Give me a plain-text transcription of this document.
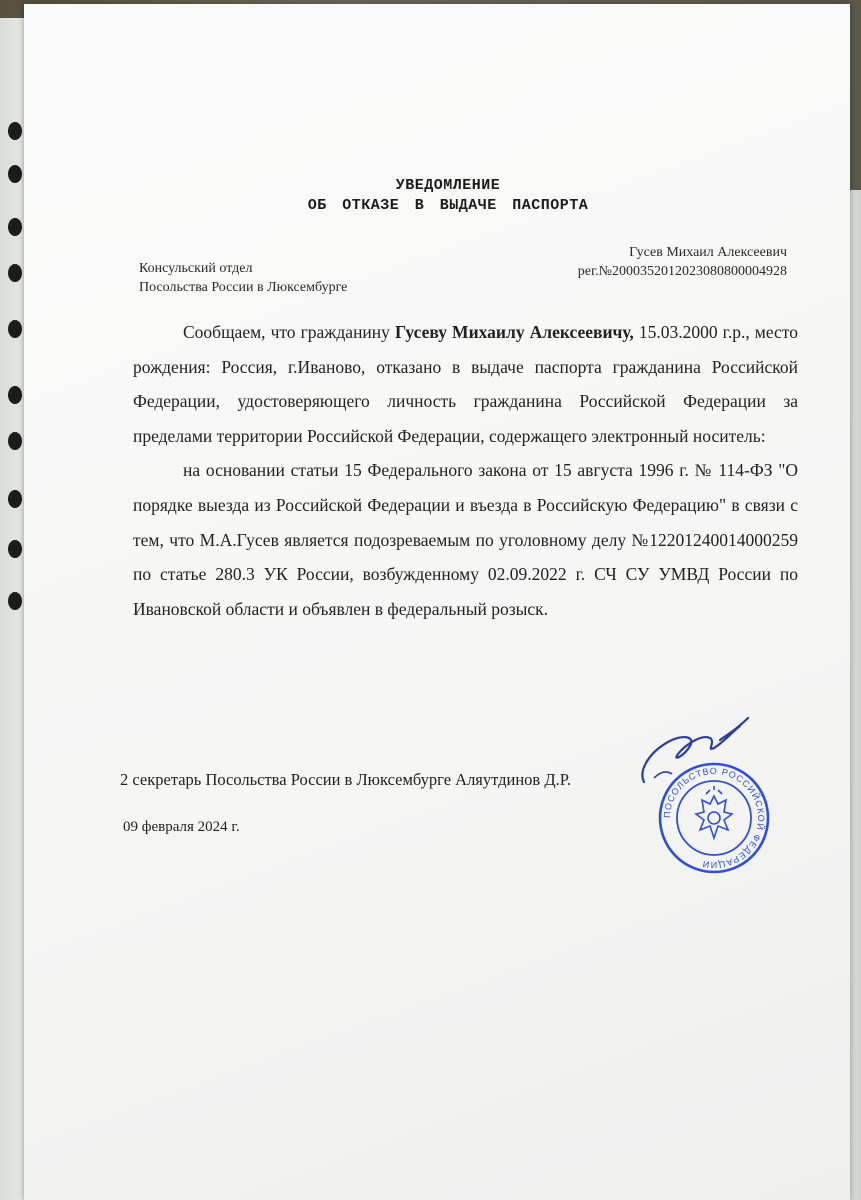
УВЕДОМЛЕНИЕ
ОБ ОТКАЗЕ В ВЫДАЧЕ ПАСПОРТА
Консульский отдел
Посольства России в Люксембурге
Гусев Михаил Алексеевич
рег.№2000352012023080800004928

Сообщаем, что гражданину Гусеву Михаилу Алексеевичу, 15.03.2000 г.р., место рождения: Россия, г.Иваново, отказано в выдаче паспорта гражданина Российской Федерации, удостоверяющего личность гражданина Российской Федерации за пределами территории Российской Федерации, содержащего электронный носитель:

на основании статьи 15 Федерального закона от 15 августа 1996 г. № 114-ФЗ "О порядке выезда из Российской Федерации и въезда в Российскую Федерацию" в связи с тем, что М.А.Гусев является подозреваемым по уголовному делу №12201240014000259 по статье 280.3 УК России, возбужденному 02.09.2022 г. СЧ СУ УМВД России по Ивановской области и объявлен в федеральный розыск.

ПОСОЛЬСТВО РОССИЙСКОЙ ФЕДЕРАЦИИ
2 секретарь Посольства России в Люксембурге Аляутдинов Д.Р.
09 февраля 2024 г.
